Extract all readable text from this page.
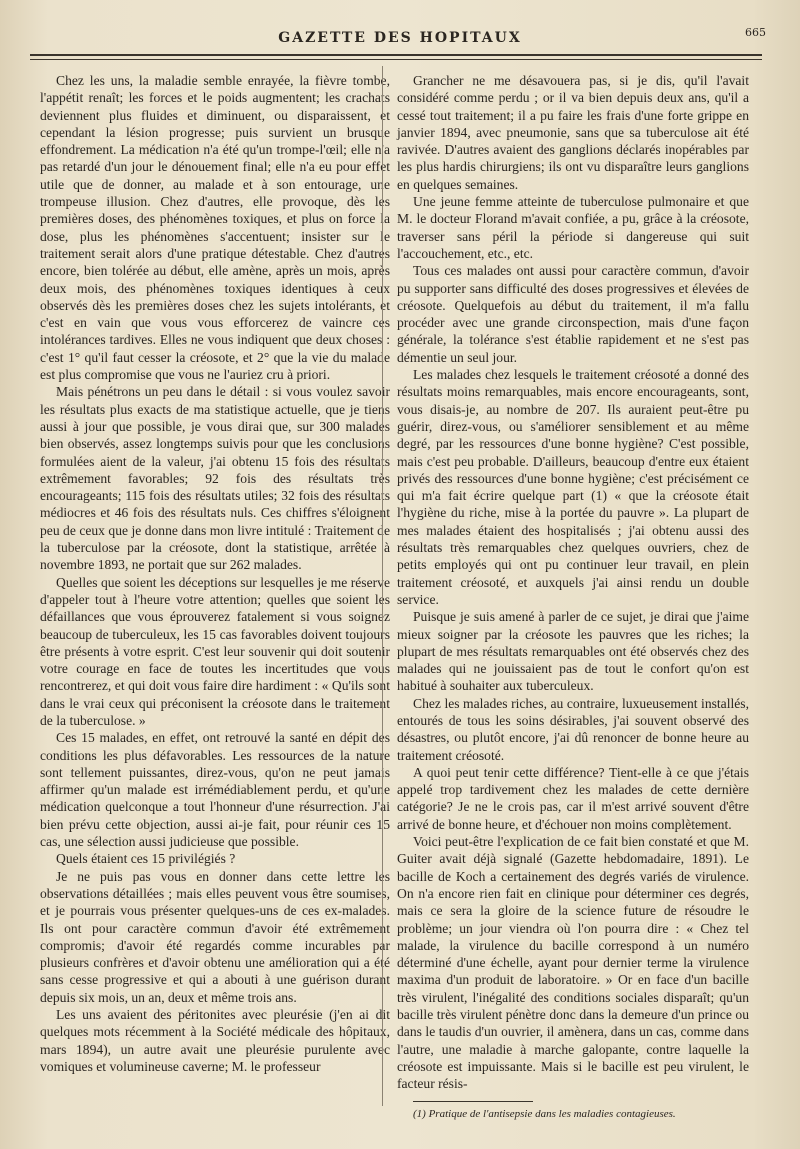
GAZETTE DES HOPITAUX	665

Chez les uns, la maladie semble enrayée, la fièvre tombe, l'appétit renaît; les forces et le poids augmentent; les crachats deviennent plus fluides et diminuent, ou disparaissent, et cependant la lésion progresse; puis survient un brusque effondrement. La médication n'a été qu'un trompe-l'œil; elle n'a pas retardé d'un jour le dénouement final; elle n'a eu pour effet utile que de donner, au malade et à son entourage, une trompeuse illusion. Chez d'autres, elle provoque, dès les premières doses, des phénomènes toxiques, et plus on force la dose, plus les phénomènes s'accentuent; insister sur le traitement serait alors d'une pratique détestable. Chez d'autres encore, bien tolérée au début, elle amène, après un mois, après deux mois, des phénomènes toxiques identiques à ceux observés dès les premières doses chez les sujets intolérants, et c'est en vain que vous vous efforcerez de vaincre ces intolérances tardives. Elles ne vous indiquent que deux choses : c'est 1° qu'il faut cesser la créosote, et 2° que la vie du malade est plus compromise que vous ne l'auriez cru à priori.

Mais pénétrons un peu dans le détail : si vous voulez savoir les résultats plus exacts de ma statistique actuelle, que je tiens aussi à jour que possible, je vous dirai que, sur 300 malades bien observés, assez longtemps suivis pour que les conclusions formulées aient de la valeur, j'ai obtenu 15 fois des résultats extrêmement favorables; 92 fois des résultats très encourageants; 115 fois des résultats utiles; 32 fois des résultats médiocres et 46 fois des résultats nuls. Ces chiffres s'éloignent peu de ceux que je donne dans mon livre intitulé : Traitement de la tuberculose par la créosote, dont la statistique, arrêtée à novembre 1893, ne portait que sur 262 malades.

Quelles que soient les déceptions sur lesquelles je me réserve d'appeler tout à l'heure votre attention; quelles que soient les défaillances que vous éprouverez fatalement si vous soignez beaucoup de tuberculeux, les 15 cas favorables doivent toujours être présents à votre esprit. C'est leur souvenir qui doit soutenir votre courage en face de toutes les incertitudes que vous rencontrerez, et qui doit vous faire dire hardiment : « Qu'ils sont dans le vrai ceux qui préconisent la créosote dans le traitement de la tuberculose. »

Ces 15 malades, en effet, ont retrouvé la santé en dépit des conditions les plus défavorables. Les ressources de la nature sont tellement puissantes, direz-vous, qu'on ne peut jamais affirmer qu'un malade est irrémédiablement perdu, et qu'une médication quelconque a tout l'honneur d'une résurrection. J'ai bien prévu cette objection, aussi ai-je fait, pour réunir ces 15 cas, une sélection aussi judicieuse que possible.

Quels étaient ces 15 privilégiés ?

Je ne puis pas vous en donner dans cette lettre les observations détaillées ; mais elles peuvent vous être soumises, et je pourrais vous présenter quelques-uns de ces ex-malades. Ils ont pour caractère commun d'avoir été extrêmement compromis; d'avoir été regardés comme incurables par plusieurs confrères et d'avoir obtenu une amélioration qui a été sans cesse progressive et qui a abouti à une guérison durant depuis six mois, un an, deux et même trois ans.

Les uns avaient des péritonites avec pleurésie (j'en ai dit quelques mots récemment à la Société médicale des hôpitaux, mars 1894), un autre avait une pleurésie purulente avec vomiques et volumineuse caverne; M. le professeur

Grancher ne me désavouera pas, si je dis, qu'il l'avait considéré comme perdu ; or il va bien depuis deux ans, qu'il a cessé tout traitement; il a pu faire les frais d'une forte grippe en janvier 1894, avec pneumonie, sans que sa tuberculose ait été ravivée. D'autres avaient des ganglions déclarés inopérables par les plus hardis chirurgiens; ils ont vu disparaître leurs ganglions en quelques semaines.

Une jeune femme atteinte de tuberculose pulmonaire et que M. le docteur Florand m'avait confiée, a pu, grâce à la créosote, traverser sans péril la période si dangereuse qui suit l'accouchement, etc., etc.

Tous ces malades ont aussi pour caractère commun, d'avoir pu supporter sans difficulté des doses progressives et élevées de créosote. Quelquefois au début du traitement, il m'a fallu procéder avec une grande circonspection, mais d'une façon générale, la tolérance s'est établie rapidement et ne s'est pas démentie un seul jour.

Les malades chez lesquels le traitement créosoté a donné des résultats moins remarquables, mais encore encourageants, sont, vous disais-je, au nombre de 207. Ils auraient peut-être pu guérir, direz-vous, ou s'améliorer sensiblement et au même degré, par les ressources d'une bonne hygiène? C'est possible, mais c'est peu probable. D'ailleurs, beaucoup d'entre eux étaient privés des ressources d'une bonne hygiène; c'est précisément ce qui m'a fait écrire quelque part (1) « que la créosote était l'hygiène du riche, mise à la portée du pauvre ». La plupart de mes malades étaient des hospitalisés ; j'ai obtenu aussi des résultats très remarquables chez quelques ouvriers, chez de petits employés qui ont pu continuer leur travail, en plein traitement créosoté, et auxquels j'ai ainsi rendu un double service.

Puisque je suis amené à parler de ce sujet, je dirai que j'aime mieux soigner par la créosote les pauvres que les riches; la plupart de mes résultats remarquables ont été observés chez des malades qui ne jouissaient pas de tout le confort qu'on est habitué à souhaiter aux tuberculeux.

Chez les malades riches, au contraire, luxueusement installés, entourés de tous les soins désirables, j'ai souvent observé des désastres, ou plutôt encore, j'ai dû renoncer de bonne heure au traitement créosoté.

A quoi peut tenir cette différence? Tient-elle à ce que j'étais appelé trop tardivement chez les malades de cette dernière catégorie? Je ne le crois pas, car il m'est arrivé souvent d'être arrivé de bonne heure, et d'échouer non moins complètement.

Voici peut-être l'explication de ce fait bien constaté et que M. Guiter avait déjà signalé (Gazette hebdomadaire, 1891). Le bacille de Koch a certainement des degrés variés de virulence. On n'a encore rien fait en clinique pour déterminer ces degrés, mais ce sera la gloire de la science future de résoudre le problème; un jour viendra où l'on pourra dire : « Chez tel malade, la virulence du bacille correspond à un numéro déterminé d'une échelle, ayant pour dernier terme la virulence maxima d'un produit de laboratoire. » Or en face d'un bacille très virulent, l'inégalité des conditions sociales disparaît; qu'un bacille très virulent pénètre donc dans la demeure d'un prince ou dans le taudis d'un ouvrier, il amènera, dans un cas, comme dans l'autre, une maladie à marche galopante, contre laquelle la créosote est impuissante. Mais si le bacille est peu virulent, le facteur résis-

(1) Pratique de l'antisepsie dans les maladies contagieuses.
